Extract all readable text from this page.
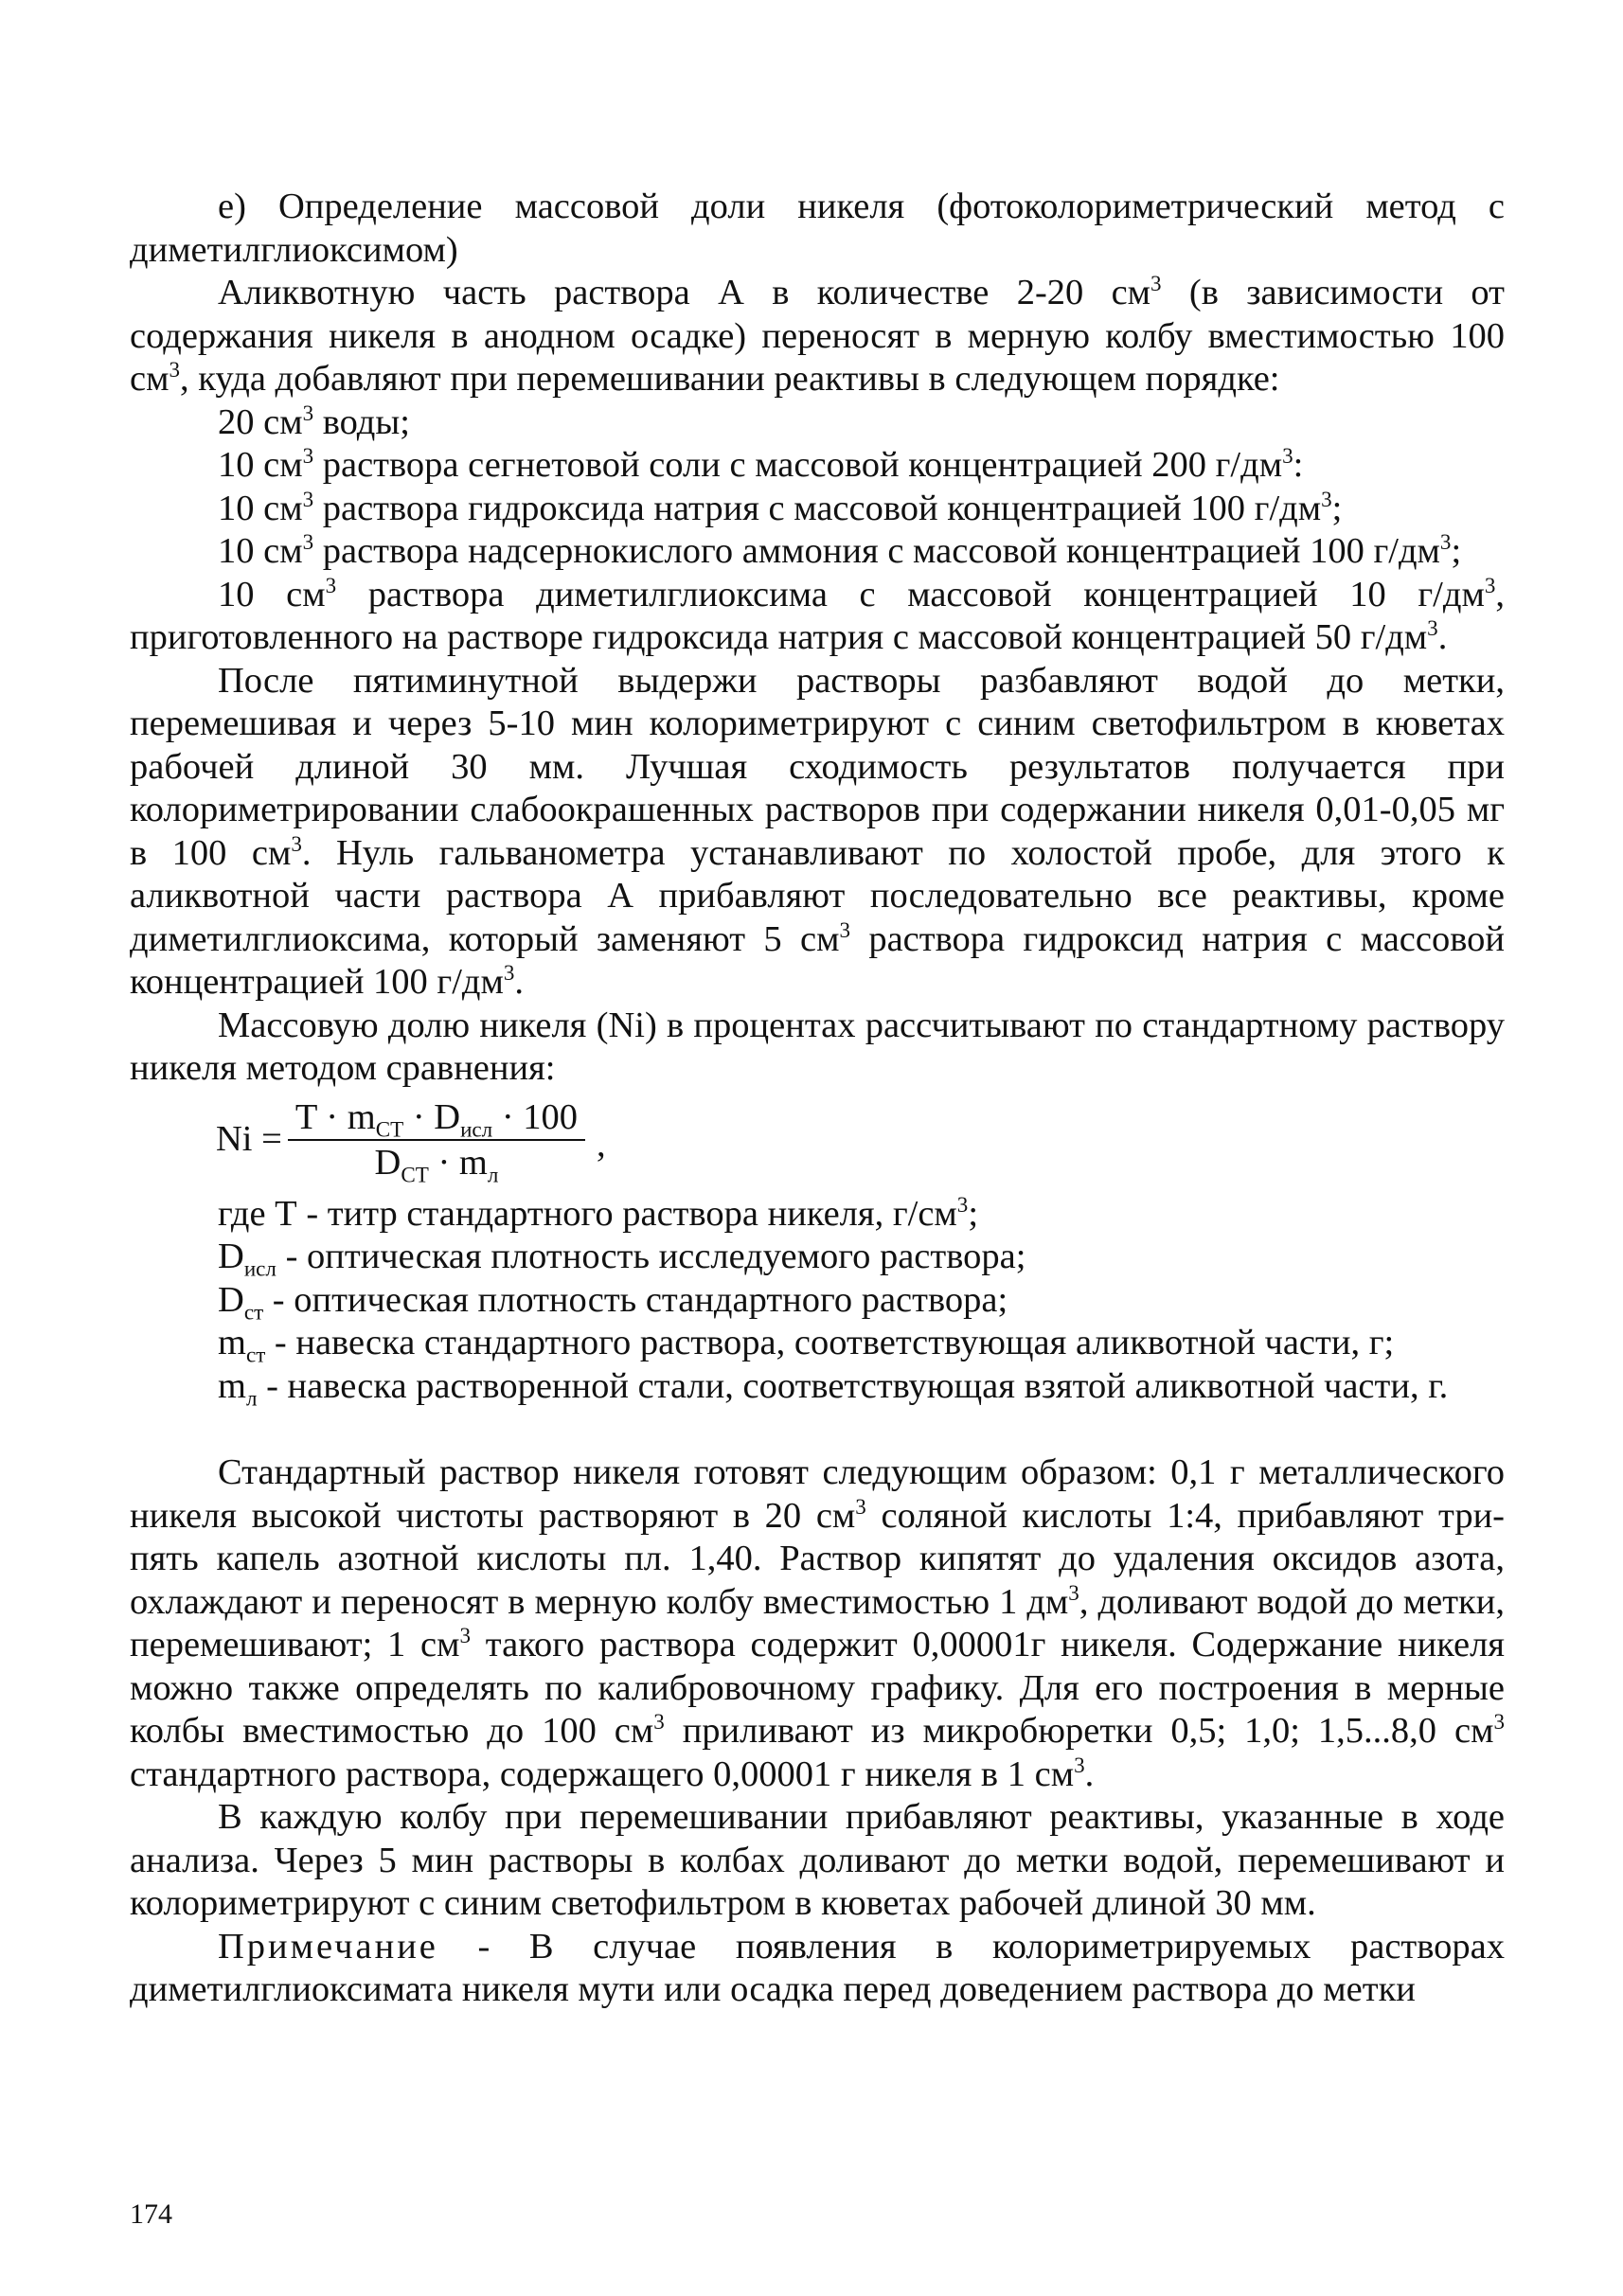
е) Определение массовой доли никеля (фотоколориметрический метод с диметилглиоксимом)

Аликвотную часть раствора А в количестве 2-20 $см^3$ (в зависимости от содержания никеля в анодном осадке) переносят в мерную колбу вместимостью 100 $см^3$, куда добавляют при перемешивании реактивы в следующем порядке:

20 $см^3$ воды;

10 $см^3$ раствора сегнетовой соли с массовой концентрацией 200 $г/дм^3$:

10 $см^3$ раствора гидроксида натрия с массовой концентрацией 100 $г/дм^3$;

10 $см^3$ раствора надсернокислого аммония с массовой концентрацией 100 $г/дм^3$;

10 $см^3$ раствора диметилглиоксима с массовой концентрацией 10 $г/дм^3$, приготовленного на растворе гидроксида натрия с массовой концентрацией 50 $г/дм^3$.

После пятиминутной выдержи растворы разбавляют водой до метки, перемешивая и через 5-10 мин колориметрируют с синим светофильтром в кюветах рабочей длиной 30 мм. Лучшая сходимость результатов получается при колориметрировании слабоокрашенных растворов при содержании никеля 0,01-0,05 мг в 100 $см^3$. Нуль гальванометра устанавливают по холостой пробе, для этого к аликвотной части раствора А прибавляют последовательно все реактивы, кроме диметилглиоксима, который заменяют 5 $см^3$ раствора гидроксид натрия с массовой концентрацией 100 $г/дм^3$.

Массовую долю никеля (Ni) в процентах рассчитывают по стандартному раствору никеля методом сравнения:

$Ni = \frac{T \cdot m_{СТ} \cdot D_{исл} \cdot 100}{D_{СТ} \cdot m_л}$ ,

где T - титр стандартного раствора никеля, $г/см^3$;

$D_{исл}$ - оптическая плотность исследуемого раствора;

$D_{ст}$ - оптическая плотность стандартного раствора;

$m_{ст}$ - навеска стандартного раствора, соответствующая аликвотной части, г;

$m_л$ - навеска растворенной стали, соответствующая взятой аликвотной части, г.

Стандартный раствор никеля готовят следующим образом: 0,1 г металлического никеля высокой чистоты растворяют в 20 $см^3$ соляной кислоты 1:4, прибавляют три-пять капель азотной кислоты пл. 1,40. Раствор кипятят до удаления оксидов азота, охлаждают и переносят в мерную колбу вместимостью 1 $дм^3$, доливают водой до метки, перемешивают; 1 $см^3$ такого раствора содержит 0,00001г никеля. Содержание никеля можно также определять по калибровочному графику. Для его построения в мерные колбы вместимостью до 100 $см^3$ приливают из микробюретки 0,5; 1,0; 1,5...8,0 $см^3$ стандартного раствора, содержащего 0,00001 г никеля в 1 $см^3$.

В каждую колбу при перемешивании прибавляют реактивы, указанные в ходе анализа. Через 5 мин растворы в колбах доливают до метки водой, перемешивают и колориметрируют с синим светофильтром в кюветах рабочей длиной 30 мм.

Примечание - В случае появления в колориметрируемых растворах диметилглиоксимата никеля мути или осадка перед доведением раствора до метки

174
